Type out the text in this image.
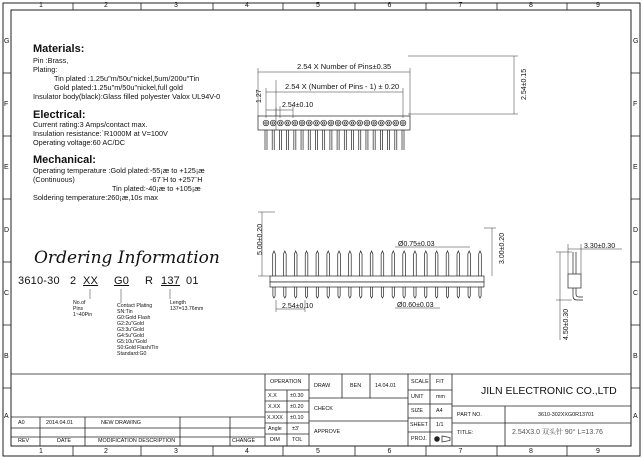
1
1
2
2
3
3
4
4
5
5
6
6
7
7
8
8
9
9
G	G
F	F
E	E
D	D
C	C
B	B
A	A
Materials:
Pin :Brass,
Plating:
Tin plated :1.25u"m/50u"nickel,5um/200u"Tin
Gold plated:1.25u"m/50u"nickel,full gold
Insulator body(black):Glass filled polyester Valox UL94V-0
Electrical:
Current rating:3 Amps/contact max.
Insulation resistance:`R1000M at V=100V
Operating voltage:60 AC/DC
Mechanical:
Operating temperature :Gold plated:-55¡æ to +125¡æ
(Continuous)	-67¨H to +257¨H
Tin plated:-40¡æ to +105¡æ
Soldering temperature:260¡æ,10s max
Ordering Information
3610-30 2 XX G0 R 137 01
No.of
Pins
1~40Pin
Contact Plating
SN:Tin
G0:Gold Flash
G2:2u"Gold
G3:3u"Gold
G4:5u"Gold
G5:10u"Gold
S0:Gold Flash/Tin
Standard:G0
Length
137=13.76mm
2.54 X Number of Pins±0.35
2.54 X (Number of Pins - 1) ± 0.20
2.54±0.10
1.27	2.54±0.15
5.00±0.20	Ø0.75±0.03	3.00±0.20
Ø0.60±0.03
2.54±0.10
3.30±0.30
4.50±0.30
OPERATION
X.X ±0.30
X.XX ±0.20
X.XXX ±0.10
Angle ±3'
DIM TOL
DRAW	BEN	14.04.01
CHECK
APPROVE
SCALE FIT
UNIT mm
SIZE A4
SHEET 1/1
PROJ.
JILN ELECTRONIC CO.,LTD
PART NO.	3610-302XXG0R13701
TITLE:	2.54X3.0 双头针 90° L=13.76
A0	2014.04.01	NEW DRAWING
REV	DATE	MODIFICATION DESCRIPTION	CHANGE
